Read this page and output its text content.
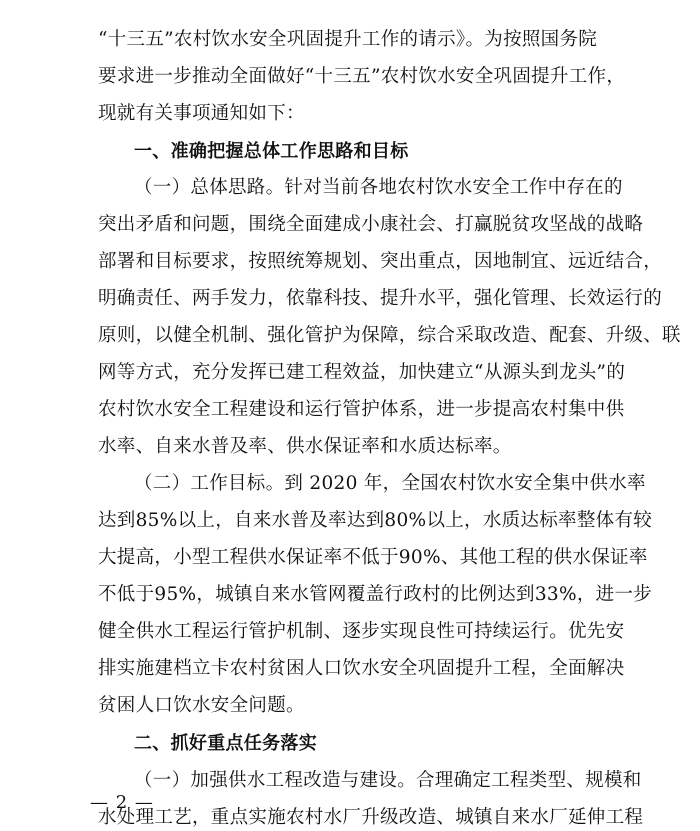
“十三五”农村饮水安全巩固提升工作的请示》。为按照国务院
要求进一步推动全面做好“十三五”农村饮水安全巩固提升工作，
现就有关事项通知如下：
一、准确把握总体工作思路和目标
（一）总体思路。针对当前各地农村饮水安全工作中存在的
突出矛盾和问题，围绕全面建成小康社会、打赢脱贫攻坚战的战略
部署和目标要求，按照统筹规划、突出重点，因地制宜、远近结合，
明确责任、两手发力，依靠科技、提升水平，强化管理、长效运行的
原则，以健全机制、强化管护为保障，综合采取改造、配套、升级、联
网等方式，充分发挥已建工程效益，加快建立“从源头到龙头”的
农村饮水安全工程建设和运行管护体系，进一步提高农村集中供
水率、自来水普及率、供水保证率和水质达标率。
（二）工作目标。到 2020 年，全国农村饮水安全集中供水率
达到85%以上，自来水普及率达到80%以上，水质达标率整体有较
大提高，小型工程供水保证率不低于90%、其他工程的供水保证率
不低于95%，城镇自来水管网覆盖行政村的比例达到33%，进一步
健全供水工程运行管护机制、逐步实现良性可持续运行。优先安
排实施建档立卡农村贫困人口饮水安全巩固提升工程，全面解决
贫困人口饮水安全问题。
二、抓好重点任务落实
（一）加强供水工程改造与建设。合理确定工程类型、规模和
水处理工艺，重点实施农村水厂升级改造、城镇自来水厂延伸工程
— 2 —
